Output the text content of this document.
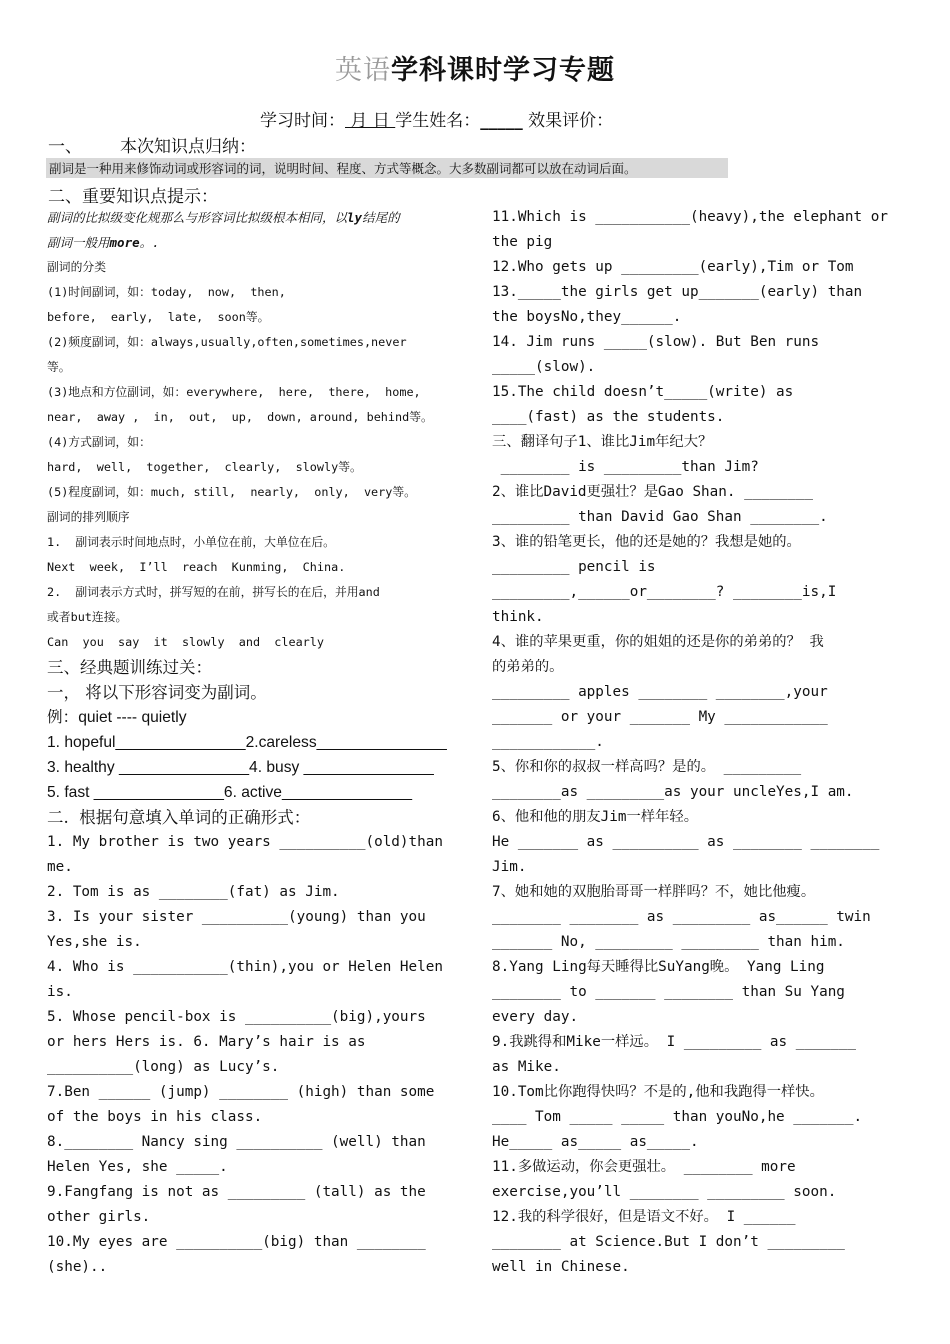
英语学科课时学习专题
学习时间： 月 日 学生姓名：_____ 效果评价：
一、 本次知识点归纳：
副词是一种用来修饰动词或形容词的词，说明时间、程度、方式等概念。大多数副词都可以放在动词后面。
二、重要知识点提示：
副词的比拟级变化规那么与形容词比拟级根本相同，以ly结尾的
副词一般用more。.
副词的分类
(1)时间副词，如：today,  now,  then,
before,  early,  late,  soon等。
(2)频度副词，如：always,usually,often,sometimes,never
等。
(3)地点和方位副词，如：everywhere,  here,  there,  home,
near,  away ,  in,  out,  up,  down, around, behind等。
(4)方式副词，如：
hard,  well,  together,  clearly,  slowly等。
(5)程度副词，如：much, still,  nearly,  only,  very等。
副词的排列顺序
1.  副词表示时间地点时，小单位在前，大单位在后。
Next  week,  I’ll  reach  Kunming,  China.
2.  副词表示方式时，拼写短的在前，拼写长的在后，并用and
或者but连接。
Can  you  say  it  slowly  and  clearly
三、经典题训练过关：
一， 将以下形容词变为副词。
例：quiet ---- quietly
1. hopeful_______________2.careless_______________
3. healthy _______________4. busy _______________
5. fast _______________6. active_______________
二.  根据句意填入单词的正确形式：
1. My brother is two years __________(old)than
me.
2. Tom is as ________(fat) as Jim.
3. Is your sister __________(young) than you
Yes,she is.
4. Who is ___________(thin),you or Helen Helen
is.
5. Whose pencil-box is __________(big),yours
or hers Hers is. 6. Mary’s hair is as
__________(long) as Lucy’s.
7.Ben ______ (jump) ________ (high) than some
of the boys in his class.
8.________ Nancy sing __________ (well) than
Helen Yes, she _____.
9.Fangfang is not as _________ (tall) as the
other girls.
10.My eyes are __________(big) than ________
(she)..
11.Which is ___________(heavy),the elephant or
the pig
12.Who gets up _________(early),Tim or Tom
13._____the girls get up_______(early) than
the boysNo,they______.
14. Jim runs _____(slow). But Ben runs
_____(slow).
15.The child doesn’t_____(write) as
____(fast) as the students.
三、翻译句子1、谁比Jim年纪大？
________ is _________than Jim?
2、谁比David更强壮？是Gao Shan. ________
_________ than David Gao Shan ________.
3、谁的铅笔更长，他的还是她的？我想是她的。
_________ pencil is
_________,______or________? ________is,I
think.
4、谁的苹果更重，你的姐姐的还是你的弟弟的？ 我
的弟弟的。
_________ apples ________ ________,your
_______ or your _______ My ____________
____________.
5、你和你的叔叔一样高吗？是的。 _________
________as _________as your uncleYes,I am.
6、他和他的朋友Jim一样年轻。
He _______ as __________ as ________ ________
Jim.
7、她和她的双胞胎哥哥一样胖吗？不，她比他瘦。
________ ________ as _________ as______ twin
_______ No, _________ _________ than him.
8.Yang Ling每天睡得比SuYang晚。 Yang Ling
________ to _______ ________ than Su Yang
every day.
9.我跳得和Mike一样远。 I _________ as _______
as Mike.
10.Tom比你跑得快吗？不是的,他和我跑得一样快。
____ Tom _____ _____ than youNo,he _______.
He_____ as_____ as_____.
11.多做运动，你会更强壮。 ________ more
exercise,you’ll ________ _________ soon.
12.我的科学很好，但是语文不好。 I ______
________ at Science.But I don’t _________
well in Chinese.
